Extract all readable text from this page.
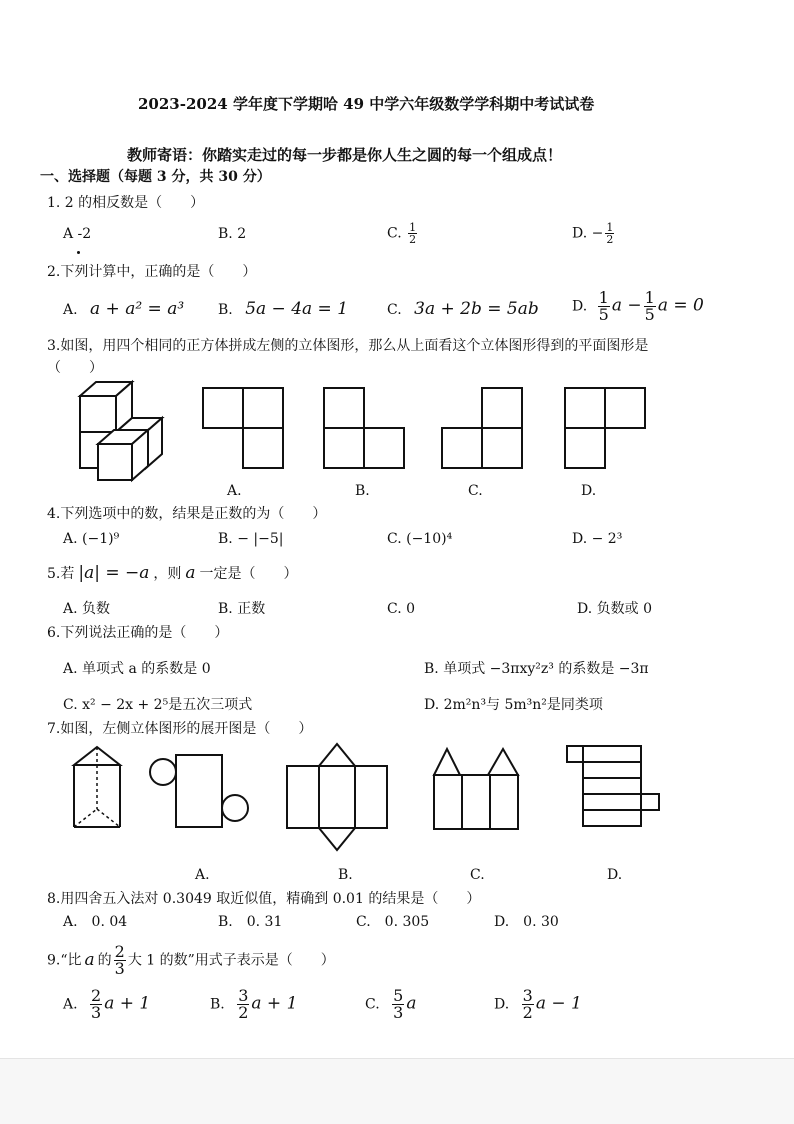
2023-2024 学年度下学期哈 49 中学六年级数学学科期中考试试卷
教师寄语：你踏实走过的每一步都是你人生之圆的每一个组成点！
一、选择题（每题 3 分，共 30 分）
1. 2 的相反数是（　　）
A -2	B. 2	C. $\frac{1}{2}$	D. − $\frac{1}{2}$
2.下列计算中，正确的是（　　）
A. a + a² = a³ B. 5a − 4a = 1	C. 3a + 2b = 5ab D. $\frac{1}{5}$ $a - \frac{1}{5}$ a = 0
3.如图，用四个相同的正方体拼成左侧的立体图形，那么从上面看这个立体图形得到的平面图形是
（　　）
A.	B.	C.	D.
4.下列选项中的数，结果是正数的为（　　）
A. (−1)⁹	B. − |−5|	C. (−10)⁴	D. − 2³
5.若 |a| = −a ，则 a 一定是（　　）
A. 负数	B. 正数	C. 0	D. 负数或 0
6.下列说法正确的是（　　）
A. 单项式 a 的系数是 0	B. 单项式 −3πxy²z³ 的系数是 −3π
C. x² − 2x + 2⁵是五次三项式	D. 2m²n³与 5m³n²是同类项
7.如图，左侧立体图形的展开图是（　　）
A.	B.	C.	D.
8.用四舍五入法对 0.3049 取近似值，精确到 0.01 的结果是（　　）
A.　0. 04	B.　0. 31	C.　0. 305	D.　0. 30
9.“比 a 的 $\frac{2}{3}$ 大 1 的数”用式子表示是（　　）
A. $\frac{2}{3}$ a + 1	B. $\frac{3}{2}$ a + 1	C. $\frac{5}{3}$ a	D. $\frac{3}{2}$ a − 1
